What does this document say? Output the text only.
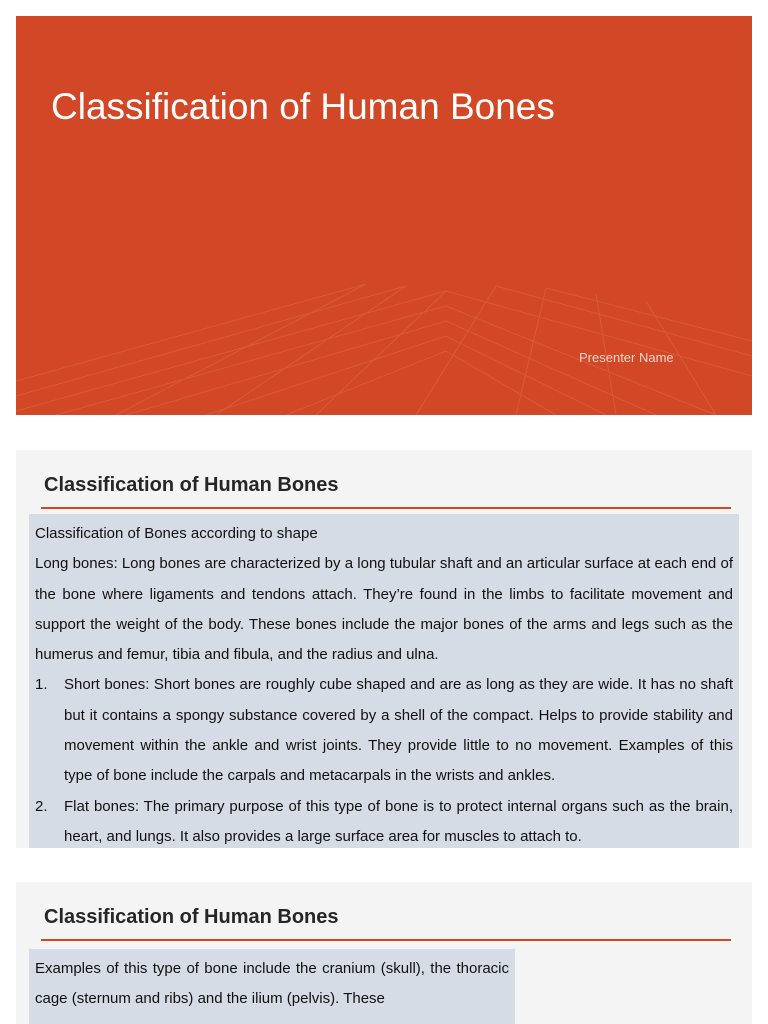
Classification of Human Bones
Presenter Name
Classification of Human Bones

Classification of Bones according to shape

Long bones: Long bones are characterized by a long tubular shaft and an articular surface at each end of the bone where ligaments and tendons attach. They’re found in the limbs to facilitate movement and support the weight of the body. These bones include the major bones of the arms and legs such as the humerus and femur, tibia and fibula, and the radius and ulna.

1. Short bones: Short bones are roughly cube shaped and are as long as they are wide. It has no shaft but it contains a spongy substance covered by a shell of the compact. Helps to provide stability and movement within the ankle and wrist joints. They provide little to no movement. Examples of this type of bone include the carpals and metacarpals in the wrists and ankles.
2. Flat bones: The primary purpose of this type of bone is to protect internal organs such as the brain, heart, and lungs. It also provides a large surface area for muscles to attach to.
Classification of Human Bones

Examples of this type of bone include the cranium (skull), the thoracic cage (sternum and ribs) and the ilium (pelvis). These
